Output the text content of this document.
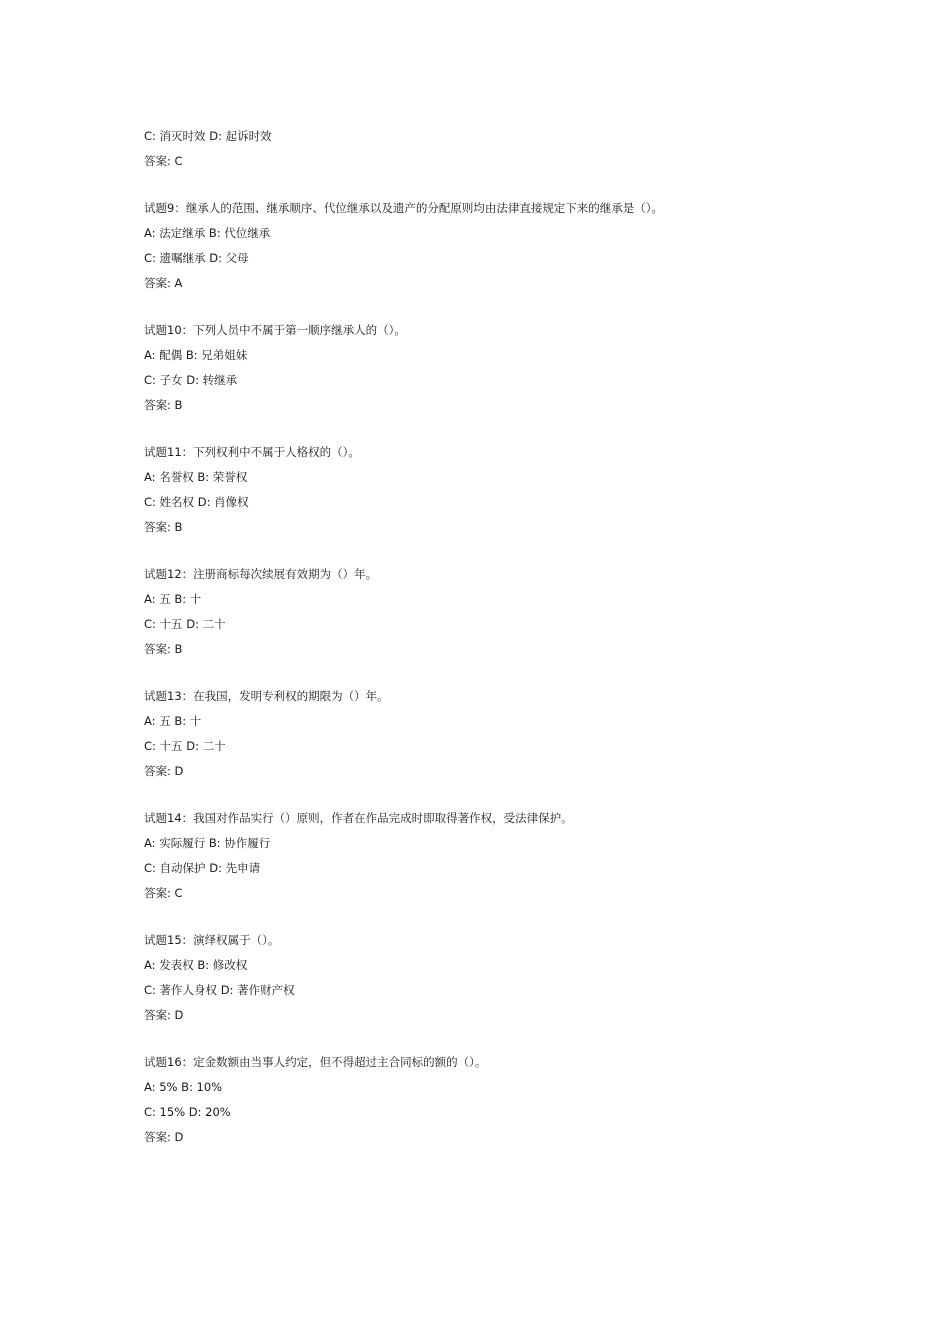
C: 消灭时效 D: 起诉时效
答案: C
试题9：继承人的范围、继承顺序、代位继承以及遗产的分配原则均由法律直接规定下来的继承是（）。
A: 法定继承 B: 代位继承
C: 遗嘱继承 D: 父母
答案: A
试题10：下列人员中不属于第一顺序继承人的（）。
A: 配偶 B: 兄弟姐妹
C: 子女 D: 转继承
答案: B
试题11：下列权利中不属于人格权的（）。
A: 名誉权 B: 荣誉权
C: 姓名权 D: 肖像权
答案: B
试题12：注册商标每次续展有效期为（）年。
A: 五 B: 十
C: 十五 D: 二十
答案: B
试题13：在我国，发明专利权的期限为（）年。
A: 五 B: 十
C: 十五 D: 二十
答案: D
试题14：我国对作品实行（）原则，作者在作品完成时即取得著作权，受法律保护。
A: 实际履行 B: 协作履行
C: 自动保护 D: 先申请
答案: C
试题15：演绎权属于（）。
A: 发表权 B: 修改权
C: 著作人身权 D: 著作财产权
答案: D
试题16：定金数额由当事人约定，但不得超过主合同标的额的（）。
A: 5% B: 10%
C: 15% D: 20%
答案: D
